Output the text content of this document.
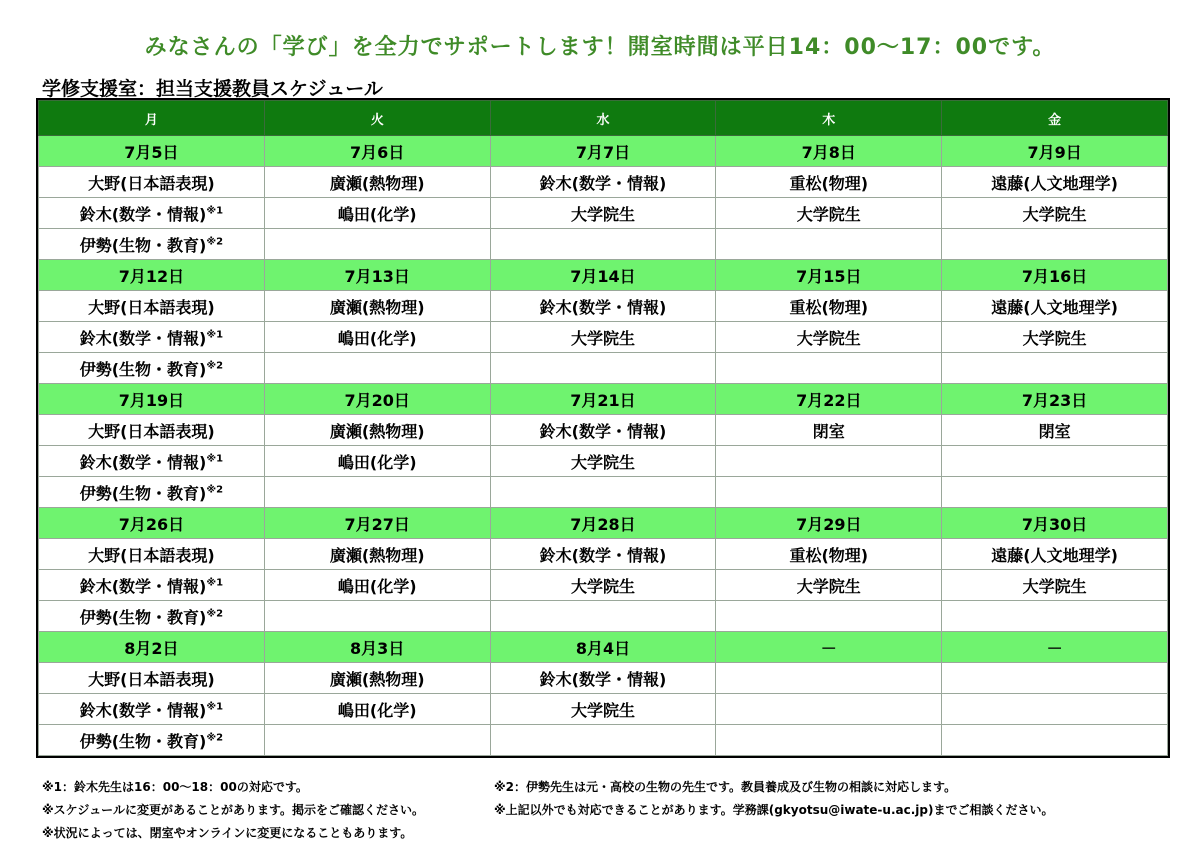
みなさんの「学び」を全力でサポートします！開室時間は平日14：00～17：00です。
学修支援室：担当支援教員スケジュール
月	火	水	木	金
7月5日	7月6日	7月7日	7月8日	7月9日
大野(日本語表現)	廣瀬(熱物理)	鈴木(数学・情報)	重松(物理)	遠藤(人文地理学)
鈴木(数学・情報)$^{※1}$	嶋田(化学)	大学院生	大学院生	大学院生
伊勢(生物・教育)$^{※2}$				
7月12日	7月13日	7月14日	7月15日	7月16日
大野(日本語表現)	廣瀬(熱物理)	鈴木(数学・情報)	重松(物理)	遠藤(人文地理学)
鈴木(数学・情報)$^{※1}$	嶋田(化学)	大学院生	大学院生	大学院生
伊勢(生物・教育)$^{※2}$				
7月19日	7月20日	7月21日	7月22日	7月23日
大野(日本語表現)	廣瀬(熱物理)	鈴木(数学・情報)	閉室	閉室
鈴木(数学・情報)$^{※1}$	嶋田(化学)	大学院生		
伊勢(生物・教育)$^{※2}$				
7月26日	7月27日	7月28日	7月29日	7月30日
大野(日本語表現)	廣瀬(熱物理)	鈴木(数学・情報)	重松(物理)	遠藤(人文地理学)
鈴木(数学・情報)$^{※1}$	嶋田(化学)	大学院生	大学院生	大学院生
伊勢(生物・教育)$^{※2}$				
8月2日	8月3日	8月4日	－	－
大野(日本語表現)	廣瀬(熱物理)	鈴木(数学・情報)		
鈴木(数学・情報)$^{※1}$	嶋田(化学)	大学院生		
伊勢(生物・教育)$^{※2}$				
※1：鈴木先生は16：00～18：00の対応です。	※2：伊勢先生は元・高校の生物の先生です。教員養成及び生物の相談に対応します。
※スケジュールに変更があることがあります。掲示をご確認ください。	※上記以外でも対応できることがあります。学務課(gkyotsu@iwate-u.ac.jp)までご相談ください。
※状況によっては、閉室やオンラインに変更になることもあります。
